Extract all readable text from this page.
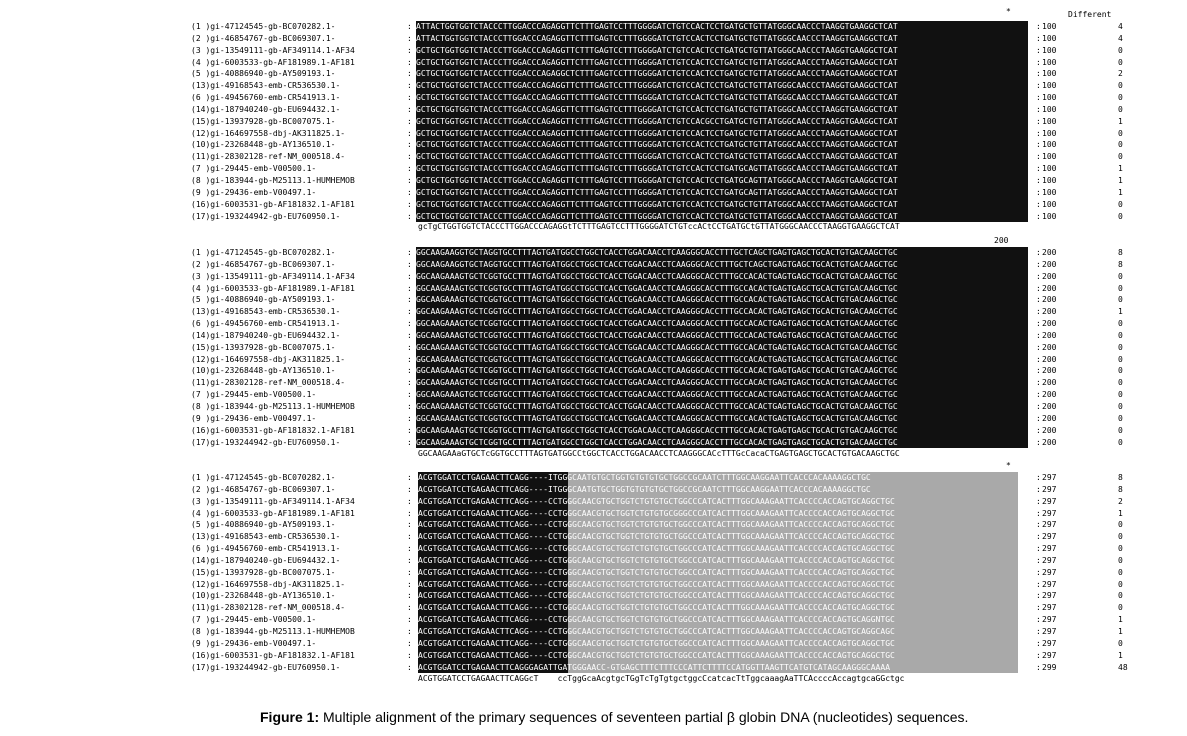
Different
*
(1 )gi-47124545-gb-BC070282.1-	: ATTACTGGTGGTCTACCCTTGGACCCAGAGGTTCTTTGAGTCCTTTGGGGATCTGTCCACTCCTGATGCTGTTATGGGCAACCCTAAGGTGAAGGCTCAT	: 100	4
(2 )gi-46854767-gb-BC069307.1-	: ATTACTGGTGGTCTACCCTTGGACCCAGAGGTTCTTTGAGTCCTTTGGGGATCTGTCCACTCCTGATGCTGTTATGGGCAACCCTAAGGTGAAGGCTCAT	: 100	4
(3 )gi-13549111-gb-AF349114.1-AF34	: GCTGCTGGTGGTCTACCCTTGGACCCAGAGGTTCTTTGAGTCCTTTGGGGATCTGTCCACTCCTGATGCTGTTATGGGCAACCCTAAGGTGAAGGCTCAT	: 100	0
(4 )gi-6003533-gb-AF181989.1-AF181	: GCTGCTGGTGGTCTACCCTTGGACCCAGAGGTTCTTTGAGTCCTTTGGGGATCTGTCCACTCCTGATGCTGTTATGGGCAACCCTAAGGTGAAGGCTCAT	: 100	0
(5 )gi-40886940-gb-AY509193.1-	: GCTGCTGGTGGTCTACCCTTGGACCCAGAGGCTCTTTGAGTCCTTTGGGGATCTGTCCACTCCTGATGCTGTTATGGGCAACCCTAAGGTGAAGGCTCAT	: 100	2
(13)gi-49168543-emb-CR536530.1-	: GCTGCTGGTGGTCTACCCTTGGACCCAGAGGTTCTTTGAGTCCTTTGGGGATCTGTCCACTCCTGATGCTGTTATGGGCAACCCTAAGGTGAAGGCTCAT	: 100	0
(6 )gi-49456760-emb-CR541913.1-	: GCTGCTGGTGGTCTACCCTTGGACCCAGAGGTTCTTTGAGTCCTTTGGGGATCTGTCCACTCCTGATGCTGTTATGGGCAACCCTAAGGTGAAGGCTCAT	: 100	0
(14)gi-187940240-gb-EU694432.1-	: GCTGCTGGTGGTCTACCCTTGGACCCAGAGGTTCTTTGAGTCCTTTGGGGATCTGTCCACTCCTGATGCTGTTATGGGCAACCCTAAGGTGAAGGCTCAT	: 100	0
(15)gi-13937928-gb-BC007075.1-	: GCTGCTGGTGGTCTACCCTTGGACCCAGAGGTTCTTTGAGTCCTTTGGGGATCTGTCCACGCCTGATGCTGTTATGGGCAACCCTAAGGTGAAGGCTCAT	: 100	1
(12)gi-164697558-dbj-AK311825.1-	: GCTGCTGGTGGTCTACCCTTGGACCCAGAGGTTCTTTGAGTCCTTTGGGGATCTGTCCACTCCTGATGCTGTTATGGGCAACCCTAAGGTGAAGGCTCAT	: 100	0
(10)gi-23268448-gb-AY136510.1-	: GCTGCTGGTGGTCTACCCTTGGACCCAGAGGTTCTTTGAGTCCTTTGGGGATCTGTCCACTCCTGATGCTGTTATGGGCAACCCTAAGGTGAAGGCTCAT	: 100	0
(11)gi-28302128-ref-NM_000518.4-	: GCTGCTGGTGGTCTACCCTTGGACCCAGAGGTTCTTTGAGTCCTTTGGGGATCTGTCCACTCCTGATGCTGTTATGGGCAACCCTAAGGTGAAGGCTCAT	: 100	0
(7 )gi-29445-emb-V00500.1-	: GCTGCTGGTGGTCTACCCTTGGACCCAGAGGTTCTTTGAGTCCTTTGGGGATCTGTCCACTCCTGATGCAGTTATGGGCAACCCTAAGGTGAAGGCTCAT	: 100	1
(8 )gi-183944-gb-M25113.1-HUMHEMOB	: GCTGCTGGTGGTCTACCCTTGGACCCAGAGGTTCTTTGAGTCCTTTGGGGATCTGTCCACTCCTGATGCAGTTATGGGCAACCCTAAGGTGAAGGCTCAT	: 100	1
(9 )gi-29436-emb-V00497.1-	: GCTGCTGGTGGTCTACCCTTGGACCCAGAGGTTCTTTGAGTCCTTTGGGGATCTGTCCACTCCTGATGCAGTTATGGGCAACCCTAAGGTGAAGGCTCAT	: 100	1
(16)gi-6003531-gb-AF181832.1-AF181	: GCTGCTGGTGGTCTACCCTTGGACCCAGAGGTTCTTTGAGTCCTTTGGGGATCTGTCCACTCCTGATGCTGTTATGGGCAACCCTAAGGTGAAGGCTCAT	: 100	0
(17)gi-193244942-gb-EU760950.1-	: GCTGCTGGTGGTCTACCCTTGGACCCAGAGGTTCTTTGAGTCCTTTGGGGATCTGTCCACTCCTGATGCTGTTATGGGCAACCCTAAGGTGAAGGCTCAT	: 100	0
gcTgCTGGTGGTCTACCCTTGGACCCAGAGGtTCTTTGAGTCCTTTGGGGATCTGTccACtCCTGATGCtGTTATGGGCAACCCTAAGGTGAAGGCTCAT
200
(1 )gi-47124545-gb-BC070282.1-	: GGCAAGAAGGTGCTAGGTGCCTTTAGTGATGGCCTGGCTCACCTGGACAACCTCAAGGGCACCTTTGCTCAGCTGAGTGAGCTGCACTGTGACAAGCTGC	: 200	8
(2 )gi-46854767-gb-BC069307.1-	: GGCAAGAAGGTGCTAGGTGCCTTTAGTGATGGCCTGGCTCACCTGGACAACCTCAAGGGCACCTTTGCTCAGCTGAGTGAGCTGCACTGTGACAAGCTGC	: 200	8
(3 )gi-13549111-gb-AF349114.1-AF34	: GGCAAGAAAGTGCTCGGTGCCTTTAGTGATGGCCTGGCTCACCTGGACAACCTCAAGGGCACCTTTGCCACACTGAGTGAGCTGCACTGTGACAAGCTGC	: 200	0
(4 )gi-6003533-gb-AF181989.1-AF181	: GGCAAGAAAGTGCTCGGTGCCTTTAGTGATGGCCTGGCTCACCTGGACAACCTCAAGGGCACCTTTGCCACACTGAGTGAGCTGCACTGTGACAAGCTGC	: 200	0
(5 )gi-40886940-gb-AY509193.1-	: GGCAAGAAAGTGCTCGGTGCCTTTAGTGATGGCCTGGCTCACCTGGACAACCTCAAGGGCACCTTTGCCACACTGAGTGAGCTGCACTGTGACAAGCTGC	: 200	0
(13)gi-49168543-emb-CR536530.1-	: GGCAAGAAAGTGCTCGGTGCCTTTAGTGATGGCCTGGCTCACCTGGACAACCTCAAGGGCACCTTTGCCACACTGAGTGAGCTGCACTGTGACAAGCTGC	: 200	1
(6 )gi-49456760-emb-CR541913.1-	: GGCAAGAAAGTGCTCGGTGCCTTTAGTGATGGCCTGGCTCACCTGGACAACCTCAAGGGCACCTTTGCCACACTGAGTGAGCTGCACTGTGACAAGCTGC	: 200	0
(14)gi-187940240-gb-EU694432.1-	: GGCAAGAAAGTGCTCGGTGCCTTTAGTGATGGCCTGGCTCACCTGGACAACCTCAAGGGCACCTTTGCCACACTGAGTGAGCTGCACTGTGACAAGCTGC	: 200	0
(15)gi-13937928-gb-BC007075.1-	: GGCAAGAAAGTGCTCGGTGCCTTTAGTGATGGCCTGGCTCACCTGGACAACCTCAAGGGCACCTTTGCCACACTGAGTGAGCTGCACTGTGACAAGCTGC	: 200	0
(12)gi-164697558-dbj-AK311825.1-	: GGCAAGAAAGTGCTCGGTGCCTTTAGTGATGGCCTGGCTCACCTGGACAACCTCAAGGGCACCTTTGCCACACTGAGTGAGCTGCACTGTGACAAGCTGC	: 200	0
(10)gi-23268448-gb-AY136510.1-	: GGCAAGAAAGTGCTCGGTGCCTTTAGTGATGGCCTGGCTCACCTGGACAACCTCAAGGGCACCTTTGCCACACTGAGTGAGCTGCACTGTGACAAGCTGC	: 200	0
(11)gi-28302128-ref-NM_000518.4-	: GGCAAGAAAGTGCTCGGTGCCTTTAGTGATGGCCTGGCTCACCTGGACAACCTCAAGGGCACCTTTGCCACACTGAGTGAGCTGCACTGTGACAAGCTGC	: 200	0
(7 )gi-29445-emb-V00500.1-	: GGCAAGAAAGTGCTCGGTGCCTTTAGTGATGGCCTGGCTCACCTGGACAACCTCAAGGGCACCTTTGCCACACTGAGTGAGCTGCACTGTGACAAGCTGC	: 200	0
(8 )gi-183944-gb-M25113.1-HUMHEMOB	: GGCAAGAAAGTGCTCGGTGCCTTTAGTGATGGCCTGGCTCACCTGGACAACCTCAAGGGCACCTTTGCCACACTGAGTGAGCTGCACTGTGACAAGCTGC	: 200	0
(9 )gi-29436-emb-V00497.1-	: GGCAAGAAAGTGCTCGGTGCCTTTAGTGATGGCCTGGCTCACCTGGACAACCTCAAGGGCACCTTTGCCACACTGAGTGAGCTGCACTGTGACAAGCTGC	: 200	0
(16)gi-6003531-gb-AF181832.1-AF181	: GGCAAGAAAGTGCTCGGTGCCTTTAGTGATGGCCTGGCTCACCTGGACAACCTCAAGGGCACCTTTGCCACACTGAGTGAGCTGCACTGTGACAAGCTGC	: 200	0
(17)gi-193244942-gb-EU760950.1-	: GGCAAGAAAGTGCTCGGTGCCTTTAGTGATGGCCTGGCTCACCTGGACAACCTCAAGGGCACCTTTGCCACACTGAGTGAGCTGCACTGTGACAAGCTGC	: 200	0
GGCAAGAAaGTGCTcGGTGCCTTTAGTGATGGCCtGGCTCACCTGGACAACCTCAAGGGCACcTTTGcCacaCTGAGTGAGCTGCACTGTGACAAGCTGC
*
(1 )gi-47124545-gb-BC070282.1-	: ACGTGGATCCTGAGAACTTCAGG----ITGGGCAATGTGCTGGTGTGTGTGCTGGCCGCAATCTTTGGCAAGGAATTCACCCACAAAAGGCTGC	: 297	8
(2 )gi-46854767-gb-BC069307.1-	: ACGTGGATCCTGAGAACTTCAGG----ITGGGCAATGTGCTGGTGTGTGTGCTGGCCGCAATCTTTGGCAAGGAATTCACCCACAAAAGGCTGC	: 297	8
(3 )gi-13549111-gb-AF349114.1-AF34	: ACGTGGATCCTGAGAACTTCAGG----CCTGGGCAACGTGCTGGTCTGTGTGCTGGCCCATCACTTTGGCAAAGAATTCACCCCACCAGTGCAGGCTGC	: 297	2
(4 )gi-6003533-gb-AF181989.1-AF181	: ACGTGGATCCTGAGAACTTCAGG----CCTGGGCAACGTGCTGGTCTGTGTGCGGGCCCATCACTTTGGCAAAGAATTCACCCCACCAGTGCAGGCTGC	: 297	1
(5 )gi-40886940-gb-AY509193.1-	: ACGTGGATCCTGAGAACTTCAGG----CCTGGGCAACGTGCTGGTCTGTGTGCTGGCCCATCACTTTGGCAAAGAATTCACCCCACCAGTGCAGGCTGC	: 297	0
(13)gi-49168543-emb-CR536530.1-	: ACGTGGATCCTGAGAACTTCAGG----CCTGGGCAACGTGCTGGTCTGTGTGCTGGCCCATCACTTTGGCAAAGAATTCACCCCACCAGTGCAGGCTGC	: 297	0
(6 )gi-49456760-emb-CR541913.1-	: ACGTGGATCCTGAGAACTTCAGG----CCTGGGCAACGTGCTGGTCTGTGTGCTGGCCCATCACTTTGGCAAAGAATTCACCCCACCAGTGCAGGCTGC	: 297	0
(14)gi-187940240-gb-EU694432.1-	: ACGTGGATCCTGAGAACTTCAGG----CCTGGGCAACGTGCTGGTCTGTGTGCTGGCCCATCACTTTGGCAAAGAATTCACCCCACCAGTGCAGGCTGC	: 297	0
(15)gi-13937928-gb-BC007075.1-	: ACGTGGATCCTGAGAACTTCAGG----CCTGGGCAACGTGCTGGTCTGTGTGCTGGCCCATCACTTTGGCAAAGAATTCACCCCACCAGTGCAGGCTGC	: 297	0
(12)gi-164697558-dbj-AK311825.1-	: ACGTGGATCCTGAGAACTTCAGG----CCTGGGCAACGTGCTGGTCTGTGTGCTGGCCCATCACTTTGGCAAAGAATTCACCCCACCAGTGCAGGCTGC	: 297	0
(10)gi-23268448-gb-AY136510.1-	: ACGTGGATCCTGAGAACTTCAGG----CCTGGGCAACGTGCTGGTCTGTGTGCTGGCCCATCACTTTGGCAAAGAATTCACCCCACCAGTGCAGGCTGC	: 297	0
(11)gi-28302128-ref-NM_000518.4-	: ACGTGGATCCTGAGAACTTCAGG----CCTGGGCAACGTGCTGGTCTGTGTGCTGGCCCATCACTTTGGCAAAGAATTCACCCCACCAGTGCAGGCTGC	: 297	0
(7 )gi-29445-emb-V00500.1-	: ACGTGGATCCTGAGAACTTCAGG----CCTGGGCAACGTGCTGGTCTGTGTGCTGGCCCATCACTTTGGCAAAGAATTCACCCCACCAGTGCAGGNTGC	: 297	1
(8 )gi-183944-gb-M25113.1-HUMHEMOB	: ACGTGGATCCTGAGAACTTCAGG----CCTGGGCAACGTGCTGGTCTGTGTGCTGGCCCATCACTTTGGCAAAGAATTCACCCCACCAGTGCAGGCAGC	: 297	1
(9 )gi-29436-emb-V00497.1-	: ACGTGGATCCTGAGAACTTCAGG----CCTGGGCAACGTGCTGGTCTGTGTGCTGGCCCATCACTTTGGCAAAGAATTCACCCCACCAGTGCAGGCTGC	: 297	0
(16)gi-6003531-gb-AF181832.1-AF181	: ACGTGGATCCTGAGAACTTCAGG----CCTGGGCAACGTGCTGGTCTGTGTGCTGGCCCATCACTTTGGCAAAGAATTCACCCCACCAGTGCAGGCTGC	: 297	1
(17)gi-193244942-gb-EU760950.1-	: ACGTGGATCCTGAGAACTTCAGGGAGATTGATGGGAACC-GTGAGCTTTCTTTCCCATTCTTTTCCATGGTTAAGTTCATGTCATAGCAAGGGCAAAA	: 299	48
ACGTGGATCCTGAGAACTTCAGGcT    ccTggGcaAcgtgcTGgTcTgTgtgctggcCcatcacTtTggcaaagAaTTCAccccAccagtgcaGGctgc
Figure 1: Multiple alignment of the primary sequences of seventeen partial β globin DNA (nucleotides) sequences.
